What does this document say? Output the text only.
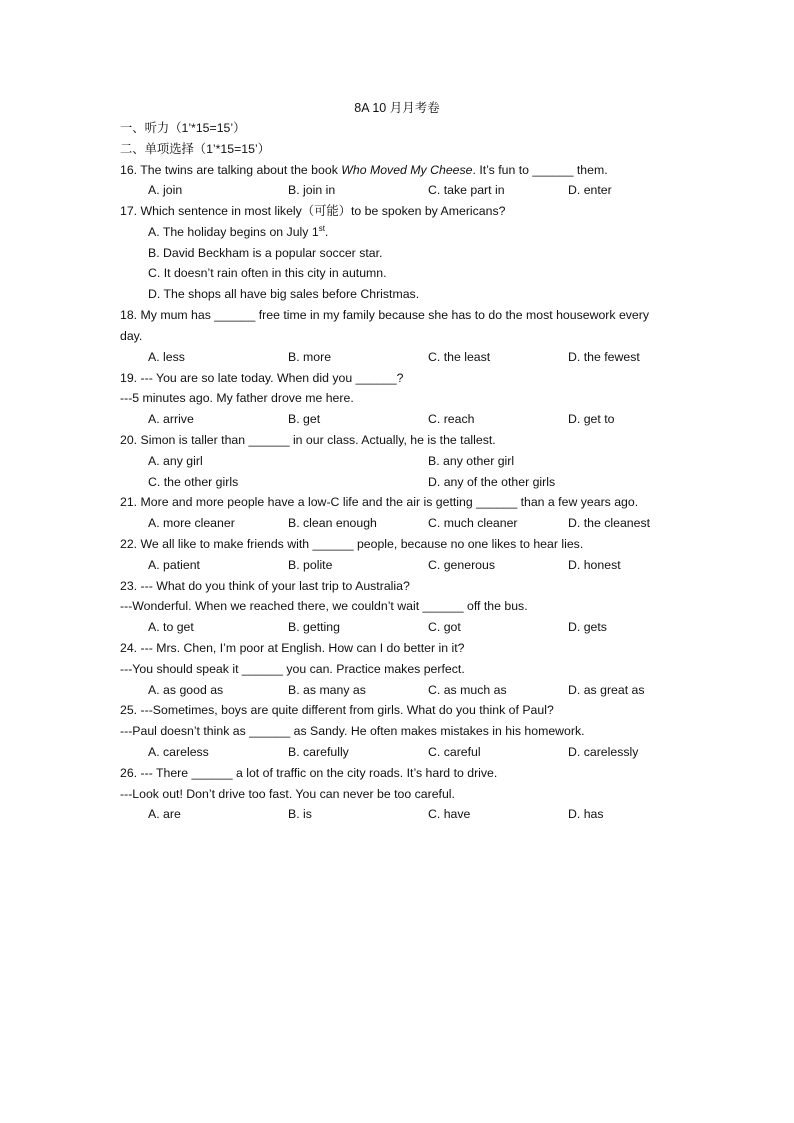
8A 10 月月考卷
一、听力（1’*15=15’）
二、单项选择（1’*15=15’）
16. The twins are talking about the book Who Moved My Cheese. It’s fun to ______ them.
A. join	B. join in	C. take part in	D. enter
17. Which sentence in most likely（可能）to be spoken by Americans?
A. The holiday begins on July 1st.
B. David Beckham is a popular soccer star.
C. It doesn’t rain often in this city in autumn.
D. The shops all have big sales before Christmas.
18. My mum has ______ free time in my family because she has to do the most housework every
day.
A. less	B. more	C. the least	D. the fewest
19. --- You are so late today. When did you ______?
---5 minutes ago. My father drove me here.
A. arrive	B. get	C. reach	D. get to
20. Simon is taller than ______ in our class. Actually, he is the tallest.
A. any girl	B. any other girl
C. the other girls	D. any of the other girls
21. More and more people have a low-C life and the air is getting ______ than a few years ago.
A. more cleaner	B. clean enough	C. much cleaner	D. the cleanest
22. We all like to make friends with ______ people, because no one likes to hear lies.
A. patient	B. polite	C. generous	D. honest
23. --- What do you think of your last trip to Australia?
---Wonderful. When we reached there, we couldn’t wait ______ off the bus.
A. to get	B. getting	C. got	D. gets
24. --- Mrs. Chen, I’m poor at English. How can I do better in it?
---You should speak it ______ you can. Practice makes perfect.
A. as good as	B. as many as	C. as much as	D. as great as
25. ---Sometimes, boys are quite different from girls. What do you think of Paul?
---Paul doesn’t think as ______ as Sandy. He often makes mistakes in his homework.
A. careless	B. carefully	C. careful	D. carelessly
26. --- There ______ a lot of traffic on the city roads. It’s hard to drive.
---Look out! Don’t drive too fast. You can never be too careful.
A. are	B. is	C. have	D. has
